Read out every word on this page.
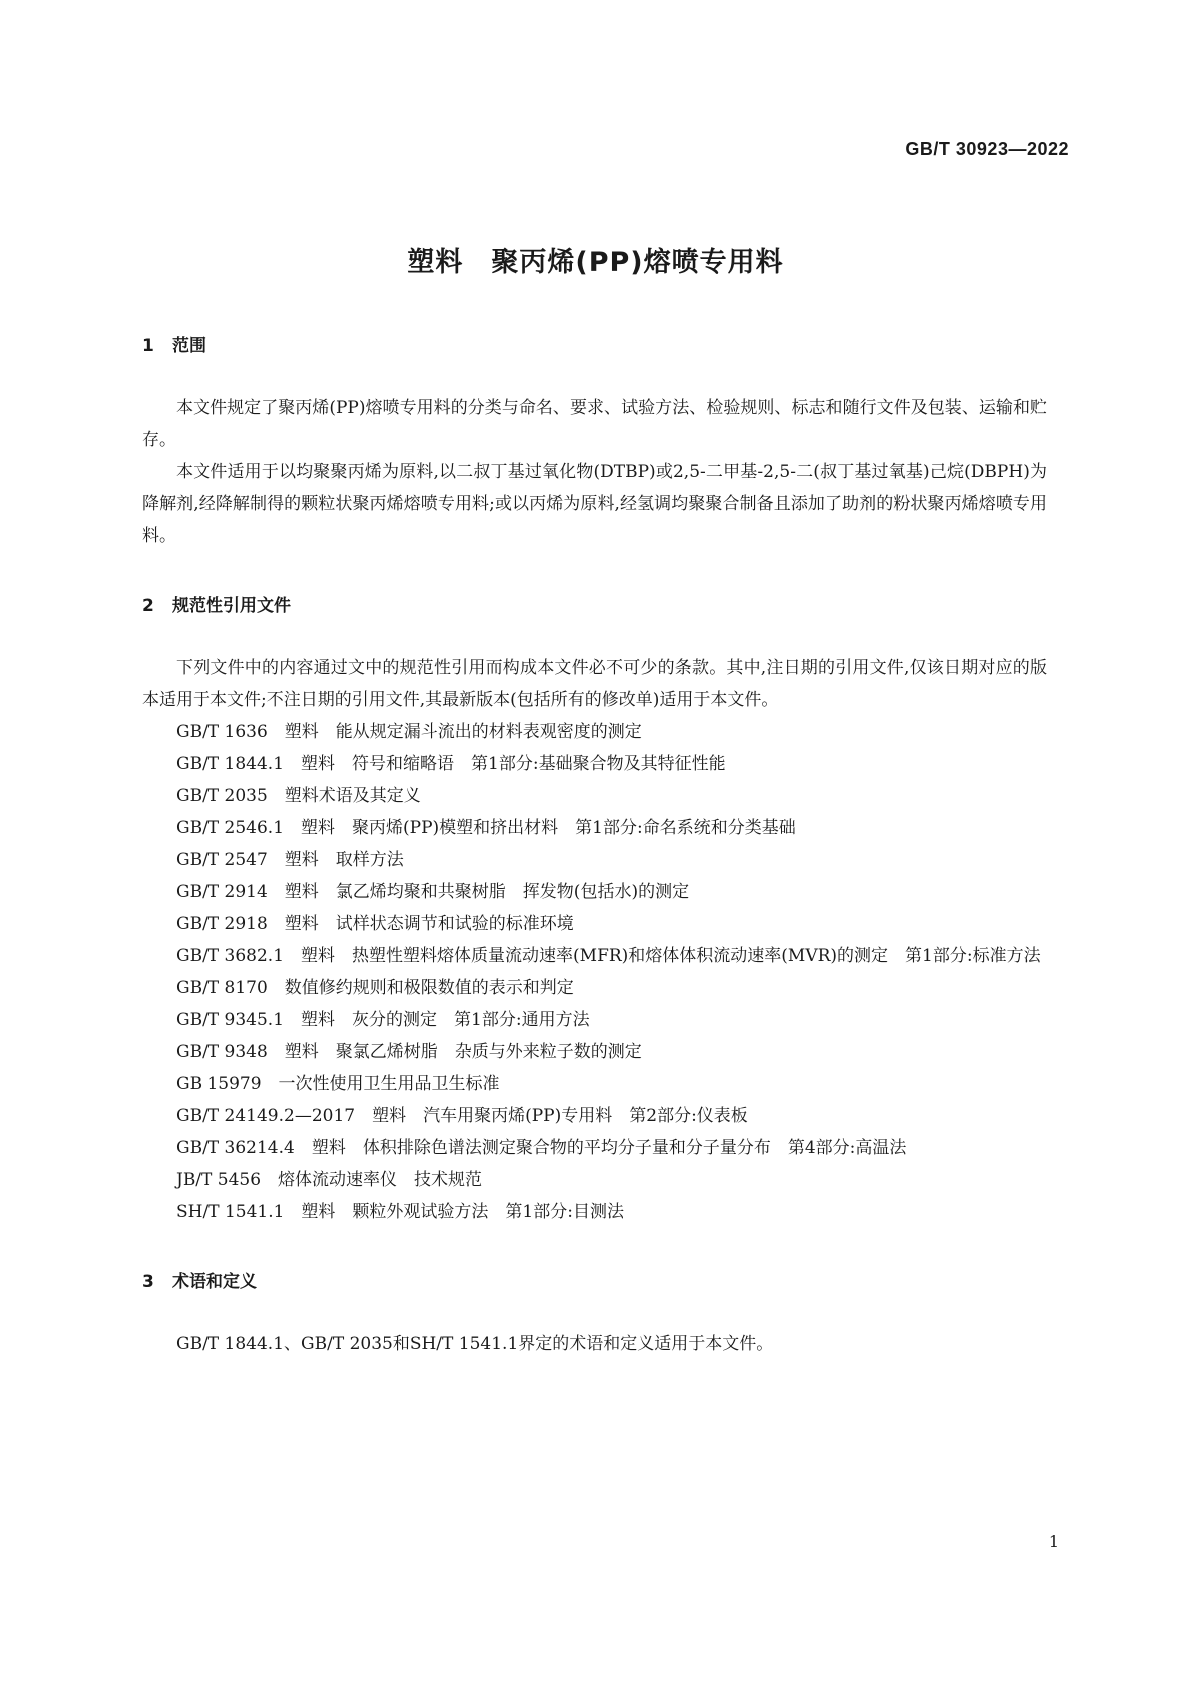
GB/T 30923—2022

塑料　聚丙烯(PP)熔喷专用料
1 范围

本文件规定了聚丙烯(PP)熔喷专用料的分类与命名、要求、试验方法、检验规则、标志和随行文件及包装、运输和贮存。

本文件适用于以均聚聚丙烯为原料,以二叔丁基过氧化物(DTBP)或2,5-二甲基-2,5-二(叔丁基过氧基)己烷(DBPH)为降解剂,经降解制得的颗粒状聚丙烯熔喷专用料;或以丙烯为原料,经氢调均聚聚合制备且添加了助剂的粉状聚丙烯熔喷专用料。

2 规范性引用文件

下列文件中的内容通过文中的规范性引用而构成本文件必不可少的条款。其中,注日期的引用文件,仅该日期对应的版本适用于本文件;不注日期的引用文件,其最新版本(包括所有的修改单)适用于本文件。

GB/T 1636　塑料　能从规定漏斗流出的材料表观密度的测定

GB/T 1844.1　塑料　符号和缩略语　第1部分:基础聚合物及其特征性能

GB/T 2035　塑料术语及其定义

GB/T 2546.1　塑料　聚丙烯(PP)模塑和挤出材料　第1部分:命名系统和分类基础

GB/T 2547　塑料　取样方法

GB/T 2914　塑料　氯乙烯均聚和共聚树脂　挥发物(包括水)的测定

GB/T 2918　塑料　试样状态调节和试验的标准环境

GB/T 3682.1　塑料　热塑性塑料熔体质量流动速率(MFR)和熔体体积流动速率(MVR)的测定　第1部分:标准方法

GB/T 8170　数值修约规则和极限数值的表示和判定

GB/T 9345.1　塑料　灰分的测定　第1部分:通用方法

GB/T 9348　塑料　聚氯乙烯树脂　杂质与外来粒子数的测定

GB 15979　一次性使用卫生用品卫生标准

GB/T 24149.2—2017　塑料　汽车用聚丙烯(PP)专用料　第2部分:仪表板

GB/T 36214.4　塑料　体积排除色谱法测定聚合物的平均分子量和分子量分布　第4部分:高温法

JB/T 5456　熔体流动速率仪　技术规范

SH/T 1541.1　塑料　颗粒外观试验方法　第1部分:目测法

3 术语和定义

GB/T 1844.1、GB/T 2035和SH/T 1541.1界定的术语和定义适用于本文件。

1
